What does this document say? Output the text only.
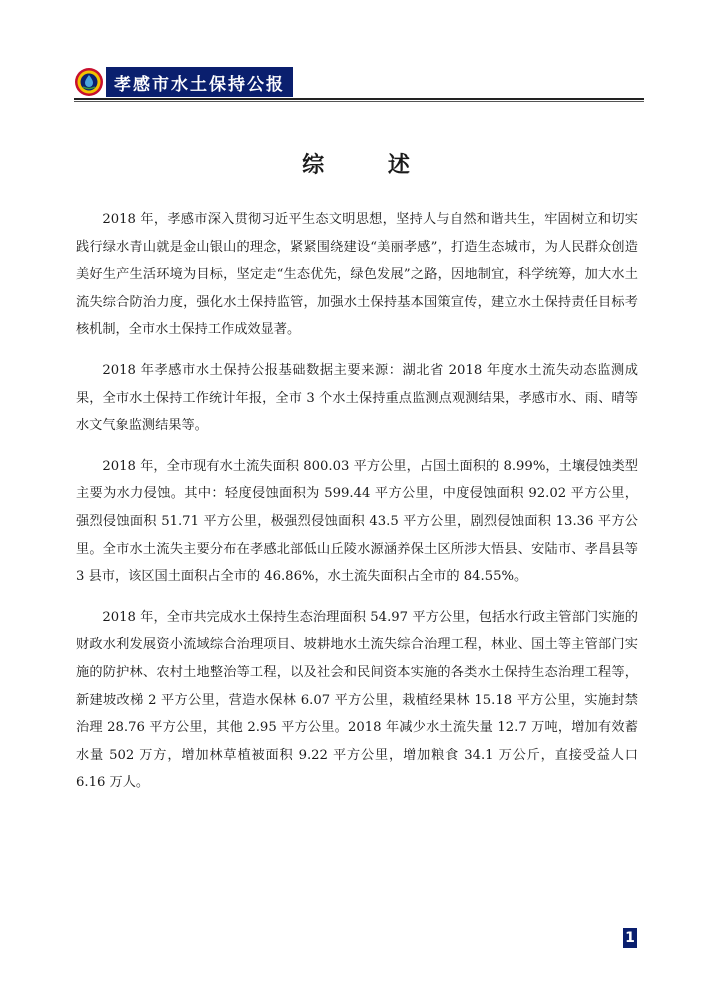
孝感市水土保持公报
综 述

2018 年，孝感市深入贯彻习近平生态文明思想，坚持人与自然和谐共生，牢固树立和切实践行绿水青山就是金山银山的理念，紧紧围绕建设“美丽孝感”，打造生态城市，为人民群众创造美好生产生活环境为目标，坚定走“生态优先，绿色发展”之路，因地制宜，科学统筹，加大水土流失综合防治力度，强化水土保持监管，加强水土保持基本国策宣传，建立水土保持责任目标考核机制，全市水土保持工作成效显著。

2018 年孝感市水土保持公报基础数据主要来源：湖北省 2018 年度水土流失动态监测成果，全市水土保持工作统计年报，全市 3 个水土保持重点监测点观测结果，孝感市水、雨、晴等水文气象监测结果等。

2018 年，全市现有水土流失面积 800.03 平方公里，占国土面积的 8.99%，土壤侵蚀类型主要为水力侵蚀。其中：轻度侵蚀面积为 599.44 平方公里，中度侵蚀面积 92.02 平方公里，强烈侵蚀面积 51.71 平方公里，极强烈侵蚀面积 43.5 平方公里，剧烈侵蚀面积 13.36 平方公里。全市水土流失主要分布在孝感北部低山丘陵水源涵养保土区所涉大悟县、安陆市、孝昌县等 3 县市，该区国土面积占全市的 46.86%，水土流失面积占全市的 84.55%。

2018 年，全市共完成水土保持生态治理面积 54.97 平方公里，包括水行政主管部门实施的财政水利发展资小流域综合治理项目、坡耕地水土流失综合治理工程，林业、国土等主管部门实施的防护林、农村土地整治等工程，以及社会和民间资本实施的各类水土保持生态治理工程等，新建坡改梯 2 平方公里，营造水保林 6.07 平方公里，栽植经果林 15.18 平方公里，实施封禁治理 28.76 平方公里，其他 2.95 平方公里。2018 年减少水土流失量 12.7 万吨，增加有效蓄水量 502 万方，增加林草植被面积 9.22 平方公里，增加粮食 34.1 万公斤，直接受益人口 6.16 万人。

1
